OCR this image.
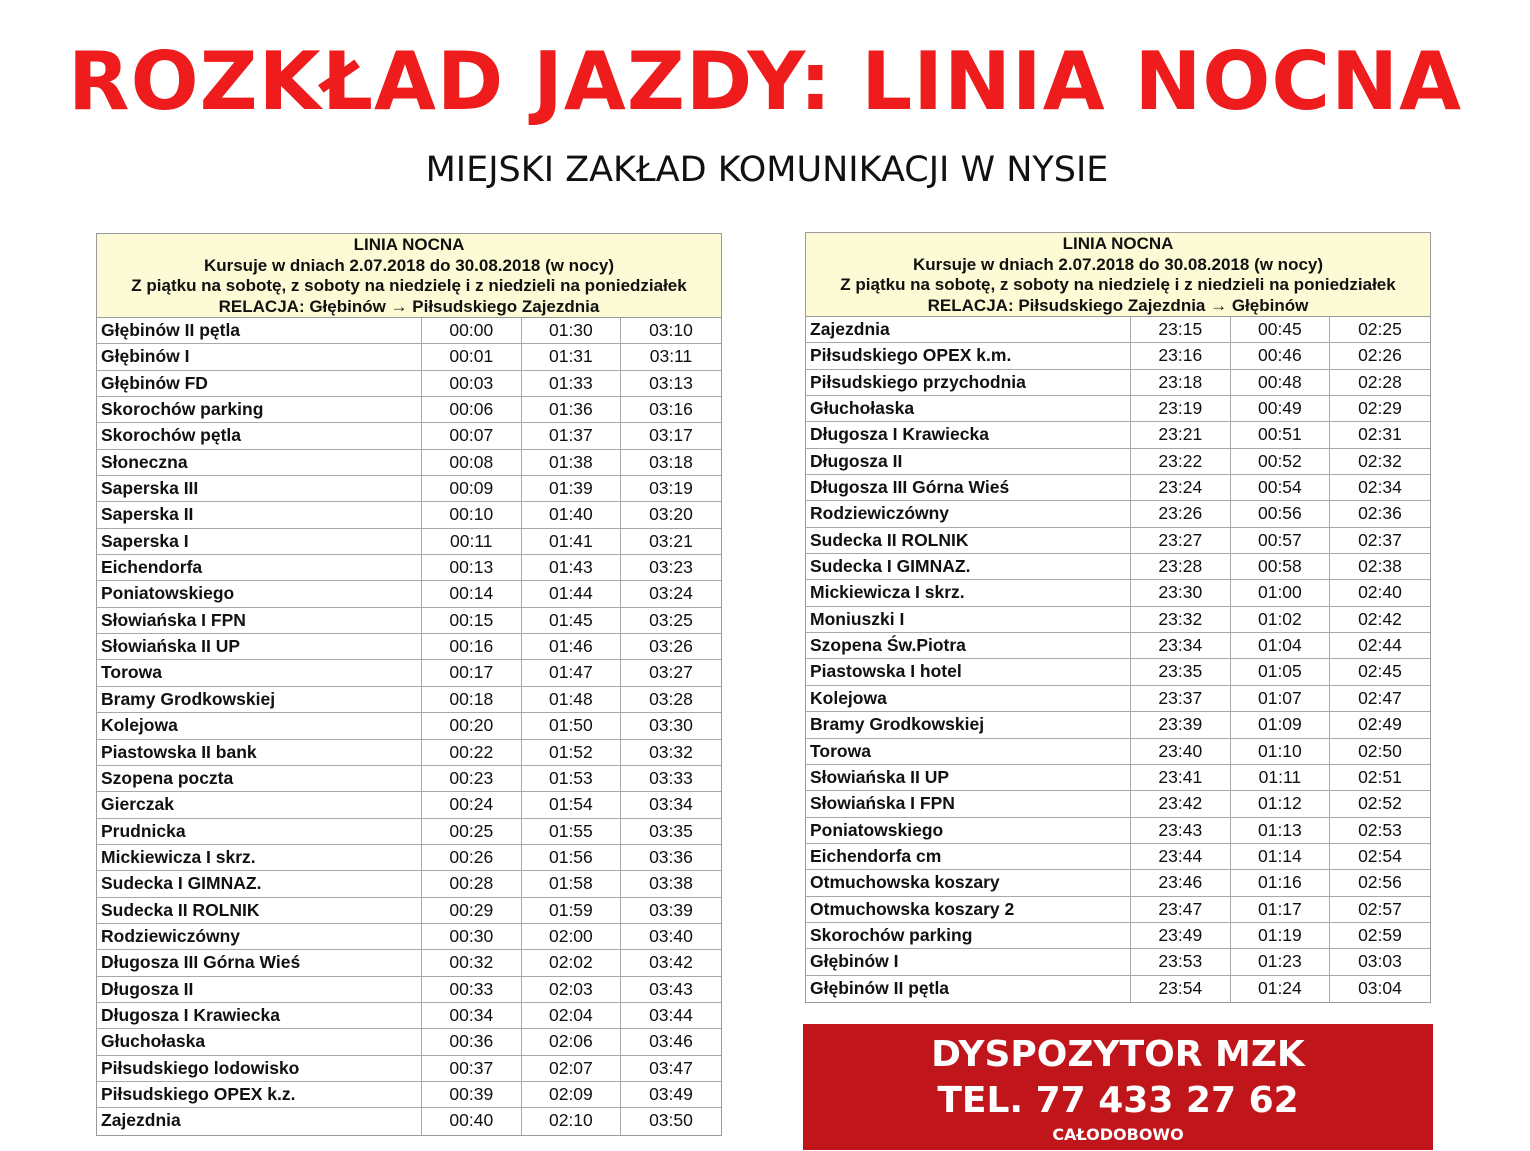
ROZKŁAD JAZDY: LINIA NOCNA
MIEJSKI ZAKŁAD KOMUNIKACJI W NYSIE
LINIA NOCNA
Kursuje w dniach 2.07.2018 do 30.08.2018 (w nocy)
Z piątku na sobotę, z soboty na niedzielę i z niedzieli na poniedziałek
RELACJA: Głębinów → Piłsudskiego Zajezdnia
Głębinów II pętla	00:00	01:30	03:10
Głębinów I	00:01	01:31	03:11
Głębinów FD	00:03	01:33	03:13
Skorochów parking	00:06	01:36	03:16
Skorochów pętla	00:07	01:37	03:17
Słoneczna	00:08	01:38	03:18
Saperska III	00:09	01:39	03:19
Saperska II	00:10	01:40	03:20
Saperska I	00:11	01:41	03:21
Eichendorfa	00:13	01:43	03:23
Poniatowskiego	00:14	01:44	03:24
Słowiańska I FPN	00:15	01:45	03:25
Słowiańska II UP	00:16	01:46	03:26
Torowa	00:17	01:47	03:27
Bramy Grodkowskiej	00:18	01:48	03:28
Kolejowa	00:20	01:50	03:30
Piastowska II bank	00:22	01:52	03:32
Szopena poczta	00:23	01:53	03:33
Gierczak	00:24	01:54	03:34
Prudnicka	00:25	01:55	03:35
Mickiewicza I skrz.	00:26	01:56	03:36
Sudecka I GIMNAZ.	00:28	01:58	03:38
Sudecka II ROLNIK	00:29	01:59	03:39
Rodziewiczówny	00:30	02:00	03:40
Długosza III Górna Wieś	00:32	02:02	03:42
Długosza II	00:33	02:03	03:43
Długosza I Krawiecka	00:34	02:04	03:44
Głuchołaska	00:36	02:06	03:46
Piłsudskiego lodowisko	00:37	02:07	03:47
Piłsudskiego OPEX k.z.	00:39	02:09	03:49
Zajezdnia	00:40	02:10	03:50
LINIA NOCNA
Kursuje w dniach 2.07.2018 do 30.08.2018 (w nocy)
Z piątku na sobotę, z soboty na niedzielę i z niedzieli na poniedziałek
RELACJA: Piłsudskiego Zajezdnia → Głębinów
Zajezdnia	23:15	00:45	02:25
Piłsudskiego OPEX k.m.	23:16	00:46	02:26
Piłsudskiego przychodnia	23:18	00:48	02:28
Głuchołaska	23:19	00:49	02:29
Długosza I Krawiecka	23:21	00:51	02:31
Długosza II	23:22	00:52	02:32
Długosza III Górna Wieś	23:24	00:54	02:34
Rodziewiczówny	23:26	00:56	02:36
Sudecka II ROLNIK	23:27	00:57	02:37
Sudecka I GIMNAZ.	23:28	00:58	02:38
Mickiewicza I skrz.	23:30	01:00	02:40
Moniuszki I	23:32	01:02	02:42
Szopena Św.Piotra	23:34	01:04	02:44
Piastowska I hotel	23:35	01:05	02:45
Kolejowa	23:37	01:07	02:47
Bramy Grodkowskiej	23:39	01:09	02:49
Torowa	23:40	01:10	02:50
Słowiańska II UP	23:41	01:11	02:51
Słowiańska I FPN	23:42	01:12	02:52
Poniatowskiego	23:43	01:13	02:53
Eichendorfa cm	23:44	01:14	02:54
Otmuchowska koszary	23:46	01:16	02:56
Otmuchowska koszary 2	23:47	01:17	02:57
Skorochów parking	23:49	01:19	02:59
Głębinów I	23:53	01:23	03:03
Głębinów II pętla	23:54	01:24	03:04
DYSPOZYTOR MZK
TEL. 77 433 27 62
CAŁODOBOWO
